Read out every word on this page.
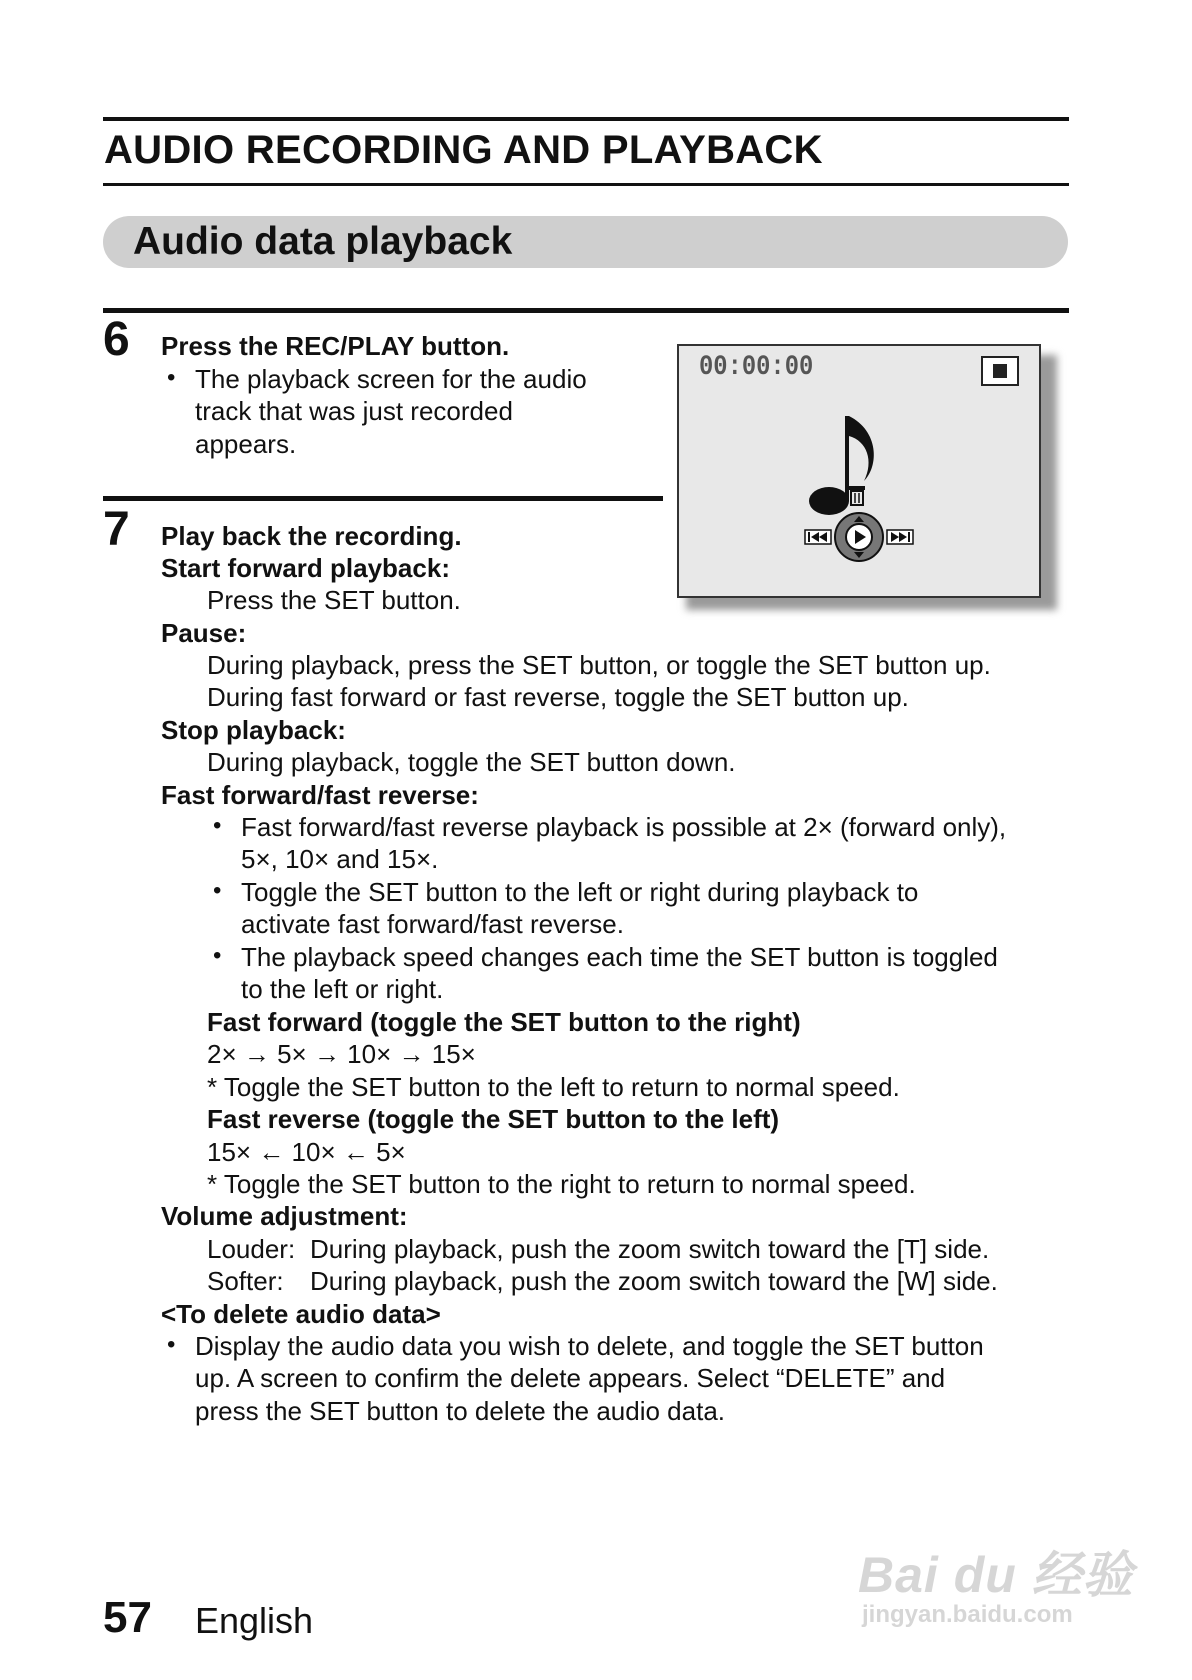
AUDIO RECORDING AND PLAYBACK
Audio data playback
6 Press the REC/PLAY button.
• The playback screen for the audio
track that was just recorded
appears.
00:00:00
7 Play back the recording.
Start forward playback:
Press the SET button.
Pause:
During playback, press the SET button, or toggle the SET button up.
During fast forward or fast reverse, toggle the SET button up.
Stop playback:
During playback, toggle the SET button down.
Fast forward/fast reverse:
• Fast forward/fast reverse playback is possible at 2× (forward only),
5×, 10× and 15×.
• Toggle the SET button to the left or right during playback to
activate fast forward/fast reverse.
• The playback speed changes each time the SET button is toggled
to the left or right.
Fast forward (toggle the SET button to the right)
2× → 5× → 10× → 15×
* Toggle the SET button to the left to return to normal speed.
Fast reverse (toggle the SET button to the left)
15× ← 10× ← 5×
* Toggle the SET button to the right to return to normal speed.
Volume adjustment:
Louder: During playback, push the zoom switch toward the [T] side.
Softer: During playback, push the zoom switch toward the [W] side.
<To delete audio data>
• Display the audio data you wish to delete, and toggle the SET button
up. A screen to confirm the delete appears. Select “DELETE” and
press the SET button to delete the audio data.
57 English
Bai du 经验
jingyan.baidu.com
